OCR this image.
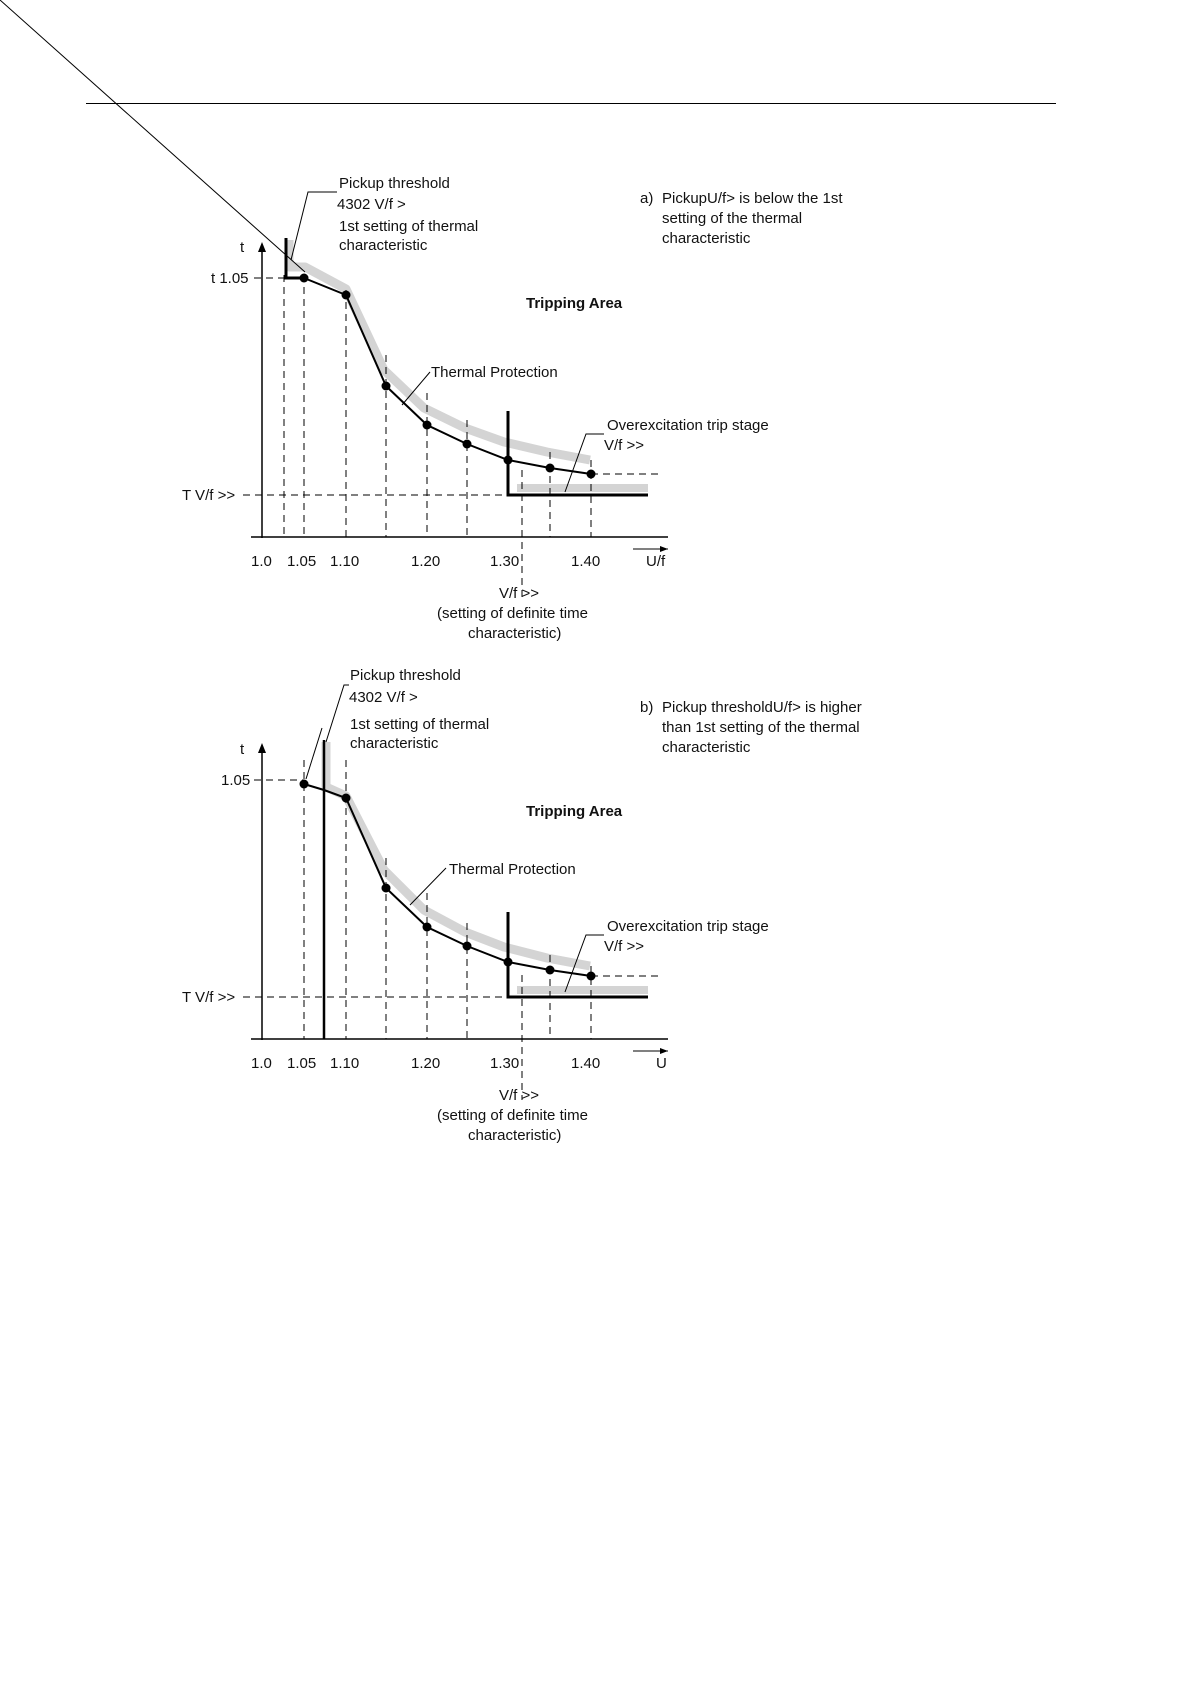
Pickup threshold
4302 V/f >
1st setting of thermal
characteristic
t
t 1.05
Tripping Area
Thermal Protection
Overexcitation trip stage
V/f >>
T V/f >>
a) PickupU/f> is below the 1st
setting of the thermal
characteristic
1.0 1.05 1.10	1.20	1.30	1.40	U/f
V/f >>
(setting of definite time
characteristic)
Pickup threshold
4302 V/f >
1st setting of thermal
characteristic
t
1.05
Tripping Area
Thermal Protection
Overexcitation trip stage
V/f >>
T V/f >>
b) Pickup thresholdU/f> is higher
than 1st setting of the thermal
characteristic
1.0 1.05 1.10	1.20	1.30	1.40	U
V/f >>
(setting of definite time
characteristic)
